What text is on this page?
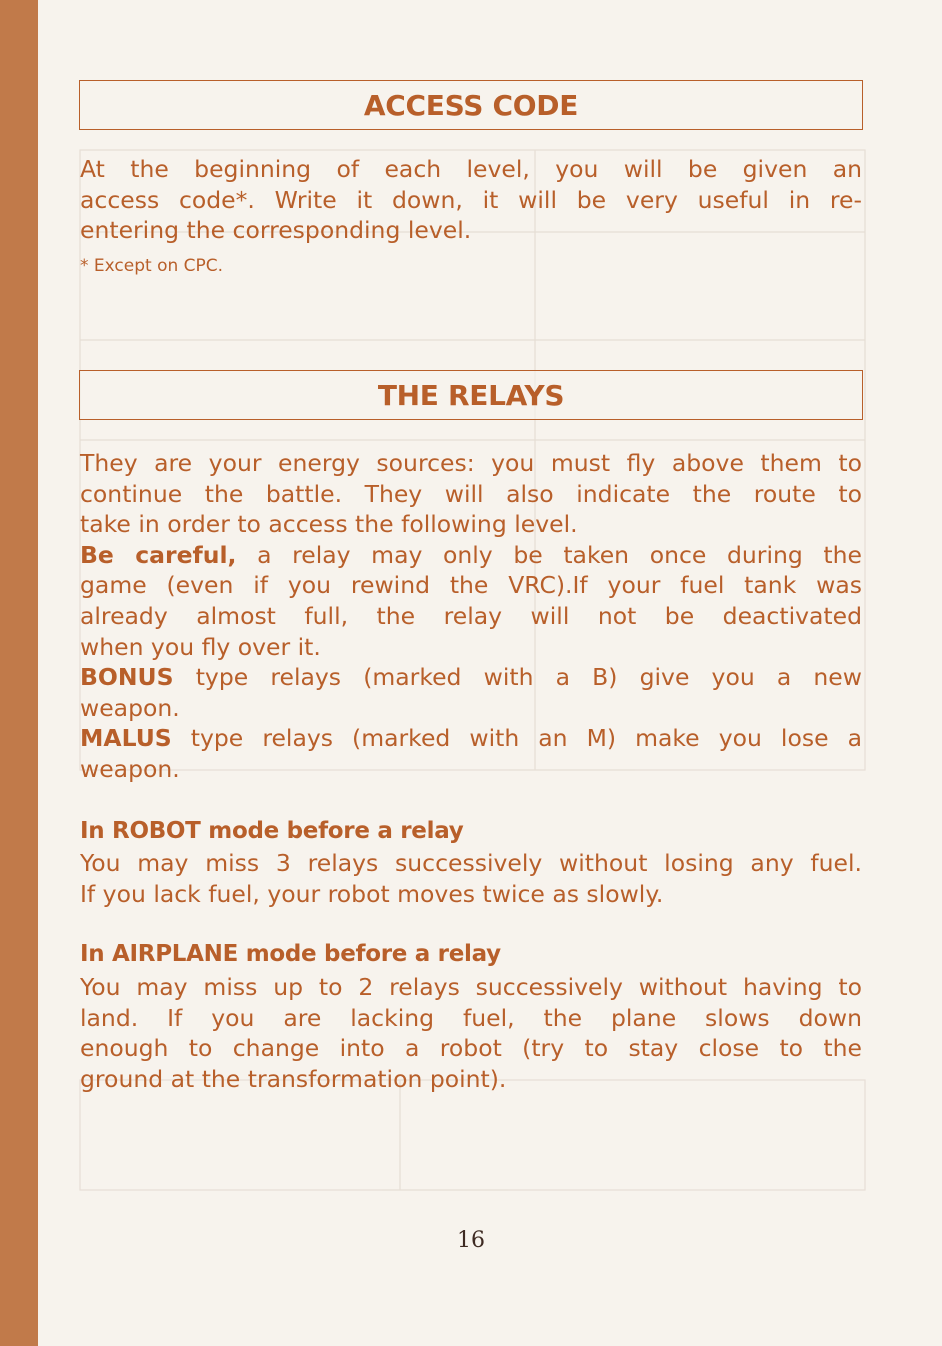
ACCESS CODE
At the beginning of each level, you will be given an
access code*. Write it down, it will be very useful in re-
entering the corresponding level.
* Except on CPC.
THE RELAYS
They are your energy sources: you must fly above them to
continue the battle. They will also indicate the route to
take in order to access the following level.
Be careful, a relay may only be taken once during the
game (even if you rewind the VRC).If your fuel tank was
already almost full, the relay will not be deactivated
when you fly over it.
BONUS type relays (marked with a B) give you a new
weapon.
MALUS type relays (marked with an M) make you lose a
weapon.
In ROBOT mode before a relay
You may miss 3 relays successively without losing any fuel.
If you lack fuel, your robot moves twice as slowly.
In AIRPLANE mode before a relay
You may miss up to 2 relays successively without having to
land. If you are lacking fuel, the plane slows down
enough to change into a robot (try to stay close to the
ground at the transformation point).
16
